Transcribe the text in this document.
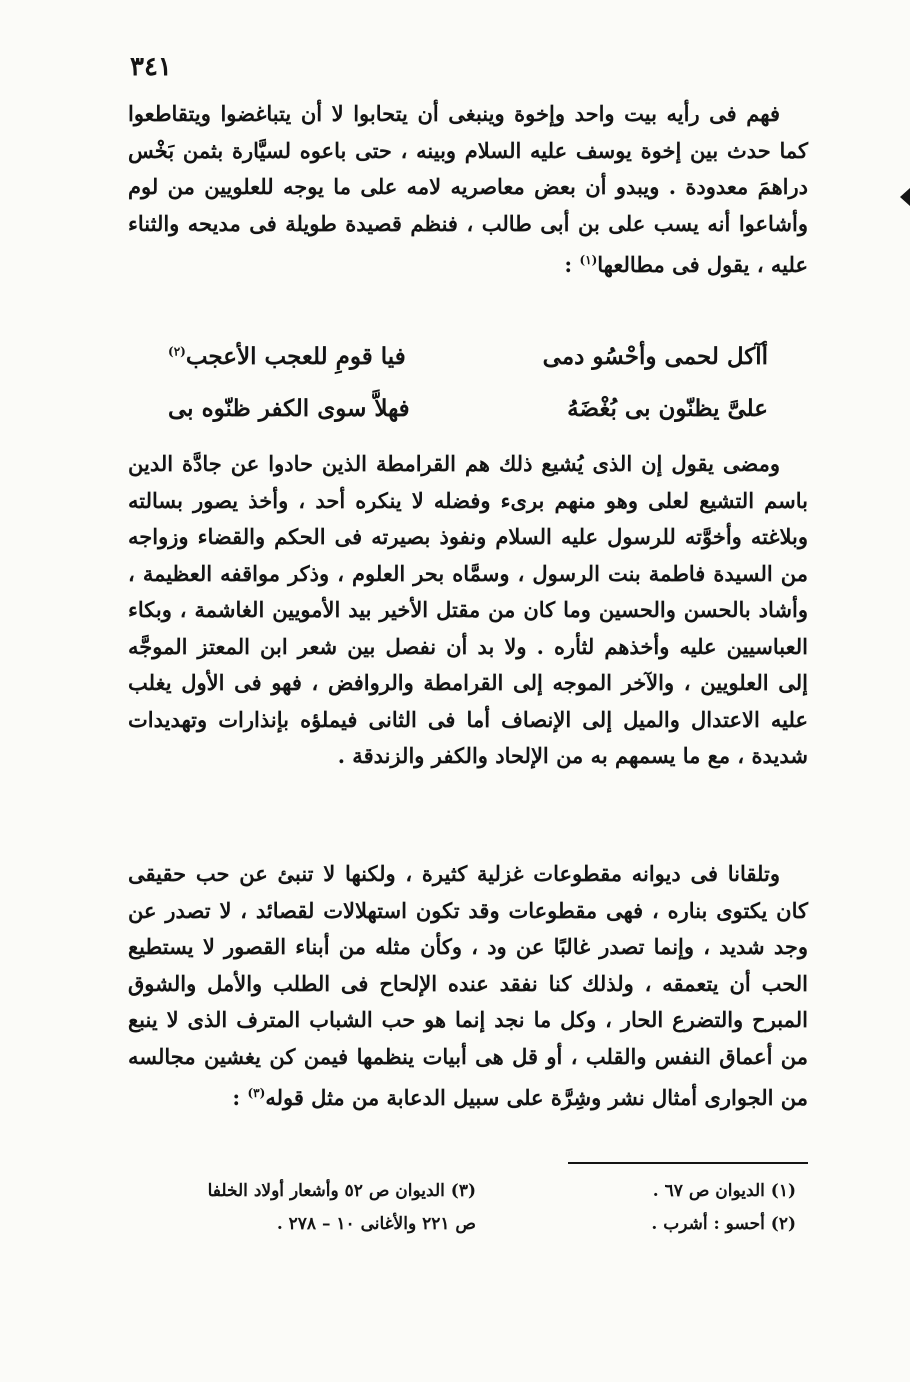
٣٤١

فهم فى رأيه بيت واحد وإخوة وينبغى أن يتحابوا لا أن يتباغضوا ويتقاطعوا كما حدث بين إخوة يوسف عليه السلام وبينه ، حتى باعوه لسيَّارة بثمن بَخْس دراهمَ معدودة . ويبدو أن بعض معاصريه لامه على ما يوجه للعلويين من لوم وأشاعوا أنه يسب على بن أبى طالب ، فنظم قصيدة طويلة فى مديحه والثناء عليه ، يقول فى مطالعها$^{(١)}$ :

أآكل لحمى وأحْسُو دمى
فيا قومِ للعجب الأعجب$^{(٢)}$
علىَّ يظنّون بى بُغْضَهُ
فهلاَّ سوى الكفر ظنّوه بى

ومضى يقول إن الذى يُشيع ذلك هم القرامطة الذين حادوا عن جادَّة الدين باسم التشيع لعلى وهو منهم برىء وفضله لا ينكره أحد ، وأخذ يصور بسالته وبلاغته وأخوَّته للرسول عليه السلام ونفوذ بصيرته فى الحكم والقضاء وزواجه من السيدة فاطمة بنت الرسول ، وسمَّاه بحر العلوم ، وذكر مواقفه العظيمة ، وأشاد بالحسن والحسين وما كان من مقتل الأخير بيد الأمويين الغاشمة ، وبكاء العباسيين عليه وأخذهم لثأره . ولا بد أن نفصل بين شعر ابن المعتز الموجَّه إلى العلويين ، والآخر الموجه إلى القرامطة والروافض ، فهو فى الأول يغلب عليه الاعتدال والميل إلى الإنصاف أما فى الثانى فيملؤه بإنذارات وتهديدات شديدة ، مع ما يسمهم به من الإلحاد والكفر والزندقة .

وتلقانا فى ديوانه مقطوعات غزلية كثيرة ، ولكنها لا تنبئ عن حب حقيقى كان يكتوى بناره ، فهى مقطوعات وقد تكون استهلالات لقصائد ، لا تصدر عن وجد شديد ، وإنما تصدر غالبًا عن ود ، وكأن مثله من أبناء القصور لا يستطيع الحب أن يتعمقه ، ولذلك كنا نفقد عنده الإلحاح فى الطلب والأمل والشوق المبرح والتضرع الحار ، وكل ما نجد إنما هو حب الشباب المترف الذى لا ينبع من أعماق النفس والقلب ، أو قل هى أبيات ينظمها فيمن كن يغشين مجالسه من الجوارى أمثال نشر وشِرَّة على سبيل الدعابة من مثل قوله$^{(٣)}$ :

(١) الديوان ص ٦٧ .
(٢) أحسو : أشرب .
(٣) الديوان ص ٥٢ وأشعار أولاد الخلفا
ص ٢٢١ والأغانى ١٠ – ٢٧٨ .
